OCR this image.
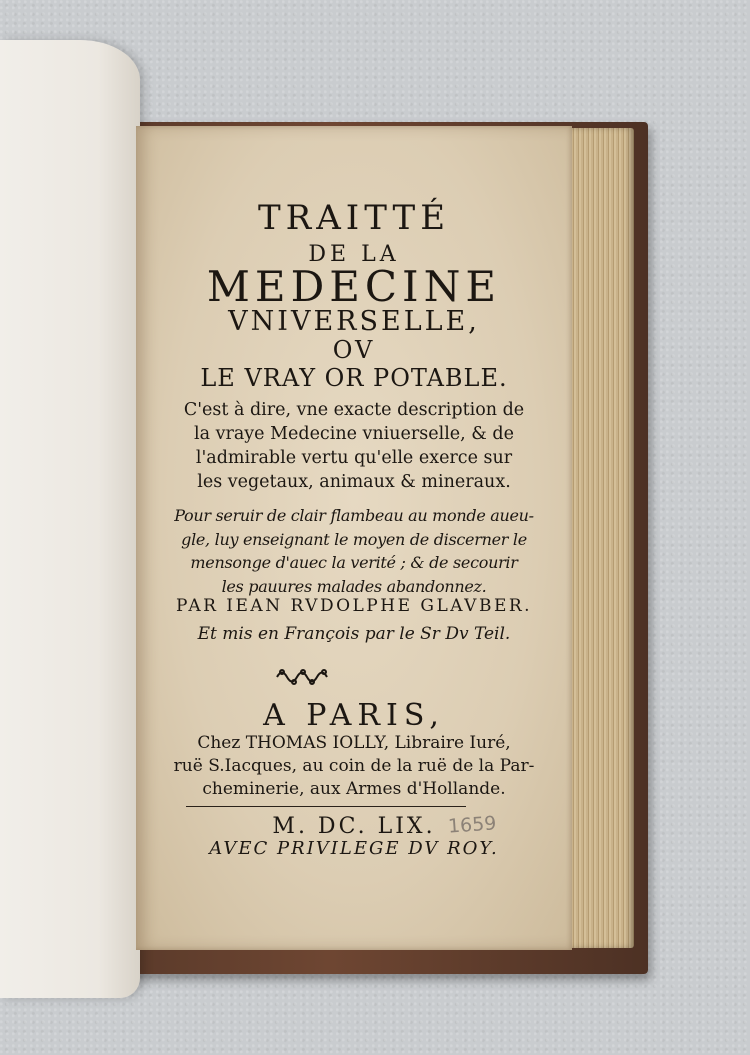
TRAITTÉ
DE LA
MEDECINE
VNIVERSELLE,
OV
LE VRAY OR POTABLE.
C'est à dire, vne exacte description de
la vraye Medecine vniuerselle, & de
l'admirable vertu qu'elle exerce sur
les vegetaux, animaux & mineraux.
Pour seruir de clair flambeau au monde aueu-
gle, luy enseignant le moyen de discerner le
mensonge d'auec la verité ; & de secourir
les pauures malades abandonnez.
PAR IEAN RVDOLPHE GLAVBER.
Et mis en François par le Sr Dv Teil.
A PARIS,
Chez THOMAS IOLLY, Libraire Iuré,
ruë S.Iacques, au coin de la ruë de la Par-
cheminerie, aux Armes d'Hollande.
M. DC. LIX.
AVEC PRIVILEGE DV ROY.
1659
